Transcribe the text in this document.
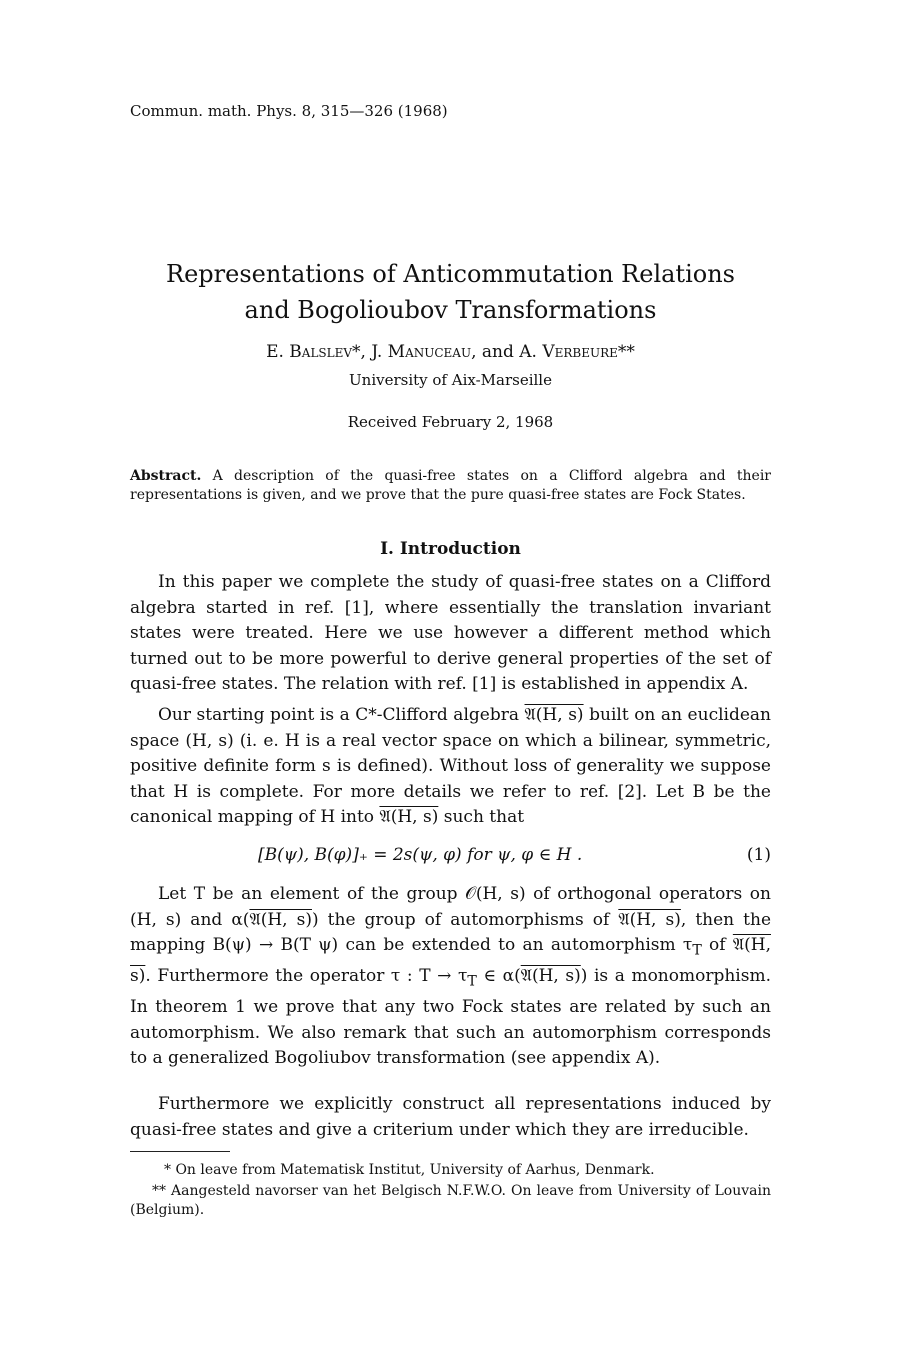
Commun. math. Phys. 8, 315—326 (1968)
Representations of Anticommutation Relations
and Bogolioubov Transformations
E. Balslev*, J. Manuceau, and A. Verbeure**
University of Aix-Marseille
Received February 2, 1968
Abstract. A description of the quasi-free states on a Clifford algebra and their representations is given, and we prove that the pure quasi-free states are Fock States.
I. Introduction

In this paper we complete the study of quasi-free states on a Clifford algebra started in ref. [1], where essentially the translation invariant states were treated. Here we use however a different method which turned out to be more powerful to derive general properties of the set of quasi-free states. The relation with ref. [1] is established in appendix A.

Our starting point is a C*-Clifford algebra 𝔄(H, s) built on an euclidean space (H, s) (i. e. H is a real vector space on which a bilinear, symmetric, positive definite form s is defined). Without loss of generality we suppose that H is complete. For more details we refer to ref. [2]. Let B be the canonical mapping of H into 𝔄(H, s) such that

[B(ψ), B(φ)]₊ = 2s(ψ, φ) for ψ, φ ∈ H .	(1)

Let T be an element of the group 𝒪(H, s) of orthogonal operators on (H, s) and α(𝔄(H, s)) the group of automorphisms of 𝔄(H, s), then the mapping B(ψ) → B(T ψ) can be extended to an automorphism $\tau_T$ of 𝔄(H, s). Furthermore the operator τ : $T \to \tau_T$ ∈ α(𝔄(H, s)) is a monomorphism. In theorem 1 we prove that any two Fock states are related by such an automorphism. We also remark that such an automorphism corresponds to a generalized Bogoliubov transformation (see appendix A).

Furthermore we explicitly construct all representations induced by quasi-free states and give a criterium under which they are irreducible.

* On leave from Matematisk Institut, University of Aarhus, Denmark.

** Aangesteld navorser van het Belgisch N.F.W.O. On leave from University of Louvain (Belgium).
